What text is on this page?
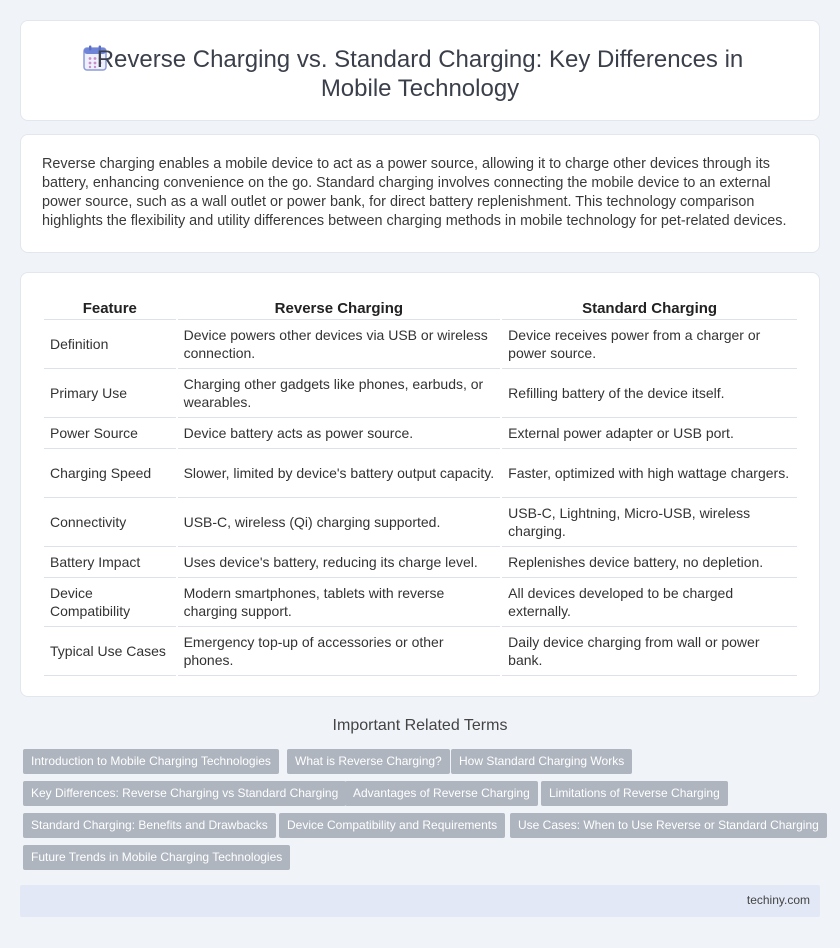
Reverse Charging vs. Standard Charging: Key Differences in Mobile Technology

Reverse charging enables a mobile device to act as a power source, allowing it to charge other devices through its battery, enhancing convenience on the go. Standard charging involves connecting the mobile device to an external power source, such as a wall outlet or power bank, for direct battery replenishment. This technology comparison highlights the flexibility and utility differences between charging methods in mobile technology for pet-related devices.

Feature	Reverse Charging	Standard Charging
Definition	Device powers other devices via USB or wireless connection.	Device receives power from a charger or power source.
Primary Use	Charging other gadgets like phones, earbuds, or wearables.	Refilling battery of the device itself.
Power Source	Device battery acts as power source.	External power adapter or USB port.
Charging Speed	Slower, limited by device's battery output capacity.	Faster, optimized with high wattage chargers.
Connectivity	USB-C, wireless (Qi) charging supported.	USB-C, Lightning, Micro-USB, wireless charging.
Battery Impact	Uses device's battery, reducing its charge level.	Replenishes device battery, no depletion.
Device Compatibility	Modern smartphones, tablets with reverse charging support.	All devices developed to be charged externally.
Typical Use Cases	Emergency top-up of accessories or other phones.	Daily device charging from wall or power bank.
Important Related Terms
Introduction to Mobile Charging Technologies	What is Reverse Charging?	How Standard Charging Works
Key Differences: Reverse Charging vs Standard Charging	Advantages of Reverse Charging	Limitations of Reverse Charging
Standard Charging: Benefits and Drawbacks	Device Compatibility and Requirements	Use Cases: When to Use Reverse or Standard Charging
Future Trends in Mobile Charging Technologies
techiny.com
